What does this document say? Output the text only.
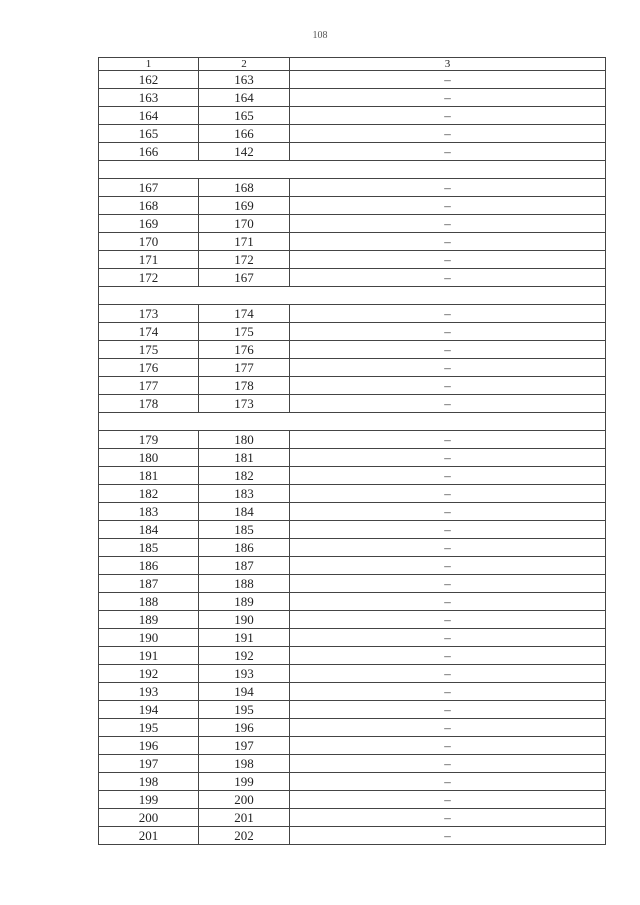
108
1	2	3
162	163	–
163	164	–
164	165	–
165	166	–
166	142	–

167	168	–
168	169	–
169	170	–
170	171	–
171	172	–
172	167	–

173	174	–
174	175	–
175	176	–
176	177	–
177	178	–
178	173	–

179	180	–
180	181	–
181	182	–
182	183	–
183	184	–
184	185	–
185	186	–
186	187	–
187	188	–
188	189	–
189	190	–
190	191	–
191	192	–
192	193	–
193	194	–
194	195	–
195	196	–
196	197	–
197	198	–
198	199	–
199	200	–
200	201	–
201	202	–
